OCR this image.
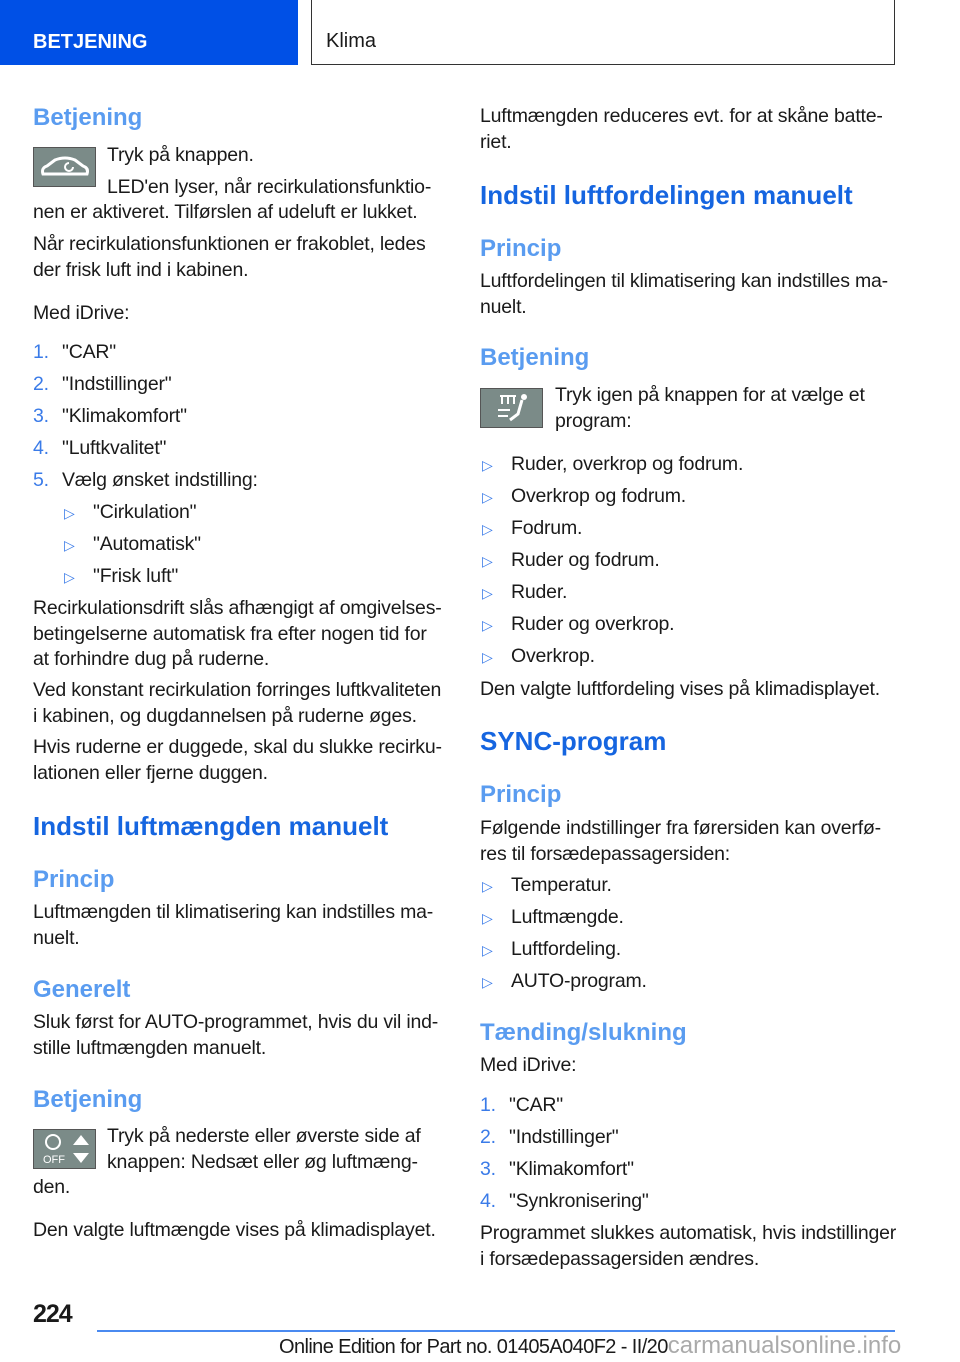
BETJENING	Klima
Betjening
Tryk på knappen.
LED'en lyser, når recirkulationsfunktio-
nen er aktiveret. Tilførslen af udeluft er lukket.
Når recirkulationsfunktionen er frakoblet, ledes
der frisk luft ind i kabinen.
Med iDrive:
1. "CAR"
2. "Indstillinger"
3. "Klimakomfort"
4. "Luftkvalitet"
5. Vælg ønsket indstilling:
▷ "Cirkulation"
▷ "Automatisk"
▷ "Frisk luft"
Recirkulationsdrift slås afhængigt af omgivelses-
betingelserne automatisk fra efter nogen tid for
at forhindre dug på ruderne.
Ved konstant recirkulation forringes luftkvaliteten
i kabinen, og dugdannelsen på ruderne øges.
Hvis ruderne er duggede, skal du slukke recirku-
lationen eller fjerne duggen.
Indstil luftmængden manuelt
Princip
Luftmængden til klimatisering kan indstilles ma-
nuelt.
Generelt
Sluk først for AUTO-programmet, hvis du vil ind-
stille luftmængden manuelt.
Betjening
OFF
Tryk på nederste eller øverste side af
knappen: Nedsæt eller øg luftmæng-
den.
Den valgte luftmængde vises på klimadisplayet.
Luftmængden reduceres evt. for at skåne batte-
riet.
Indstil luftfordelingen manuelt
Princip
Luftfordelingen til klimatisering kan indstilles ma-
nuelt.
Betjening
Tryk igen på knappen for at vælge et
program:
▷ Ruder, overkrop og fodrum.
▷ Overkrop og fodrum.
▷ Fodrum.
▷ Ruder og fodrum.
▷ Ruder.
▷ Ruder og overkrop.
▷ Overkrop.
Den valgte luftfordeling vises på klimadisplayet.
SYNC-program
Princip
Følgende indstillinger fra førersiden kan overfø-
res til forsædepassagersiden:
▷ Temperatur.
▷ Luftmængde.
▷ Luftfordeling.
▷ AUTO-program.
Tænding/slukning
Med iDrive:
1. "CAR"
2. "Indstillinger"
3. "Klimakomfort"
4. "Synkronisering"
Programmet slukkes automatisk, hvis indstillinger
i forsædepassagersiden ændres.
224
Online Edition for Part no. 01405A040F2 - II/20carmanualsonline.info
